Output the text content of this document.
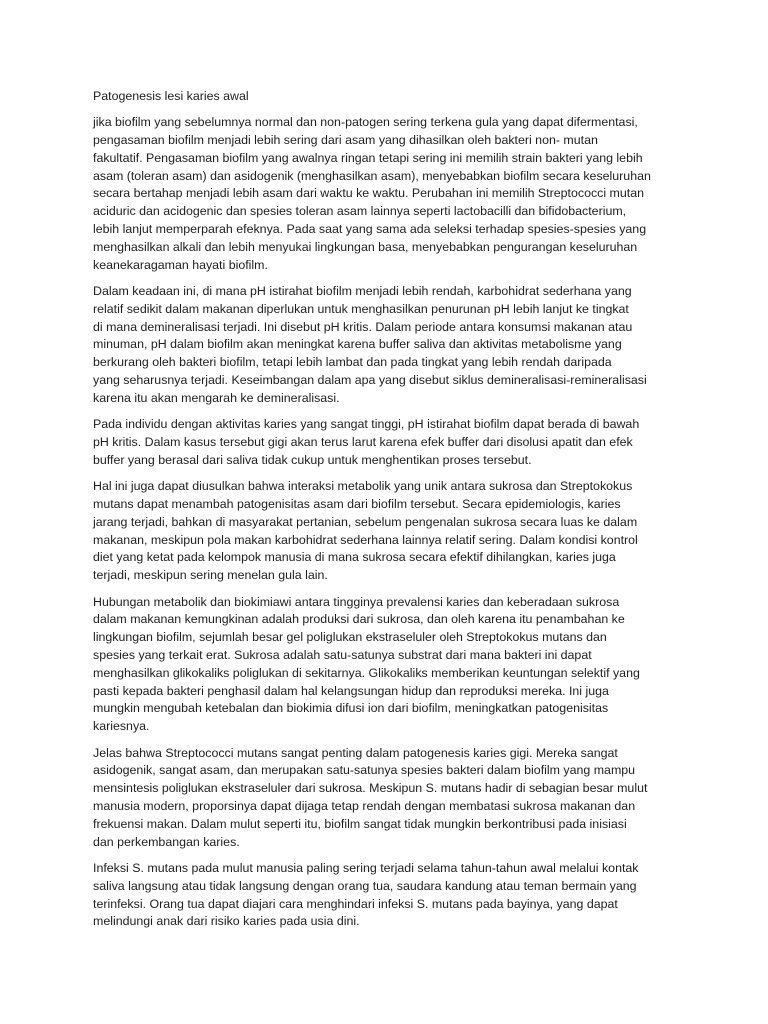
Patogenesis lesi karies awal
jika biofilm yang sebelumnya normal dan non-patogen sering terkena gula yang dapat difermentasi,
pengasaman biofilm menjadi lebih sering dari asam yang dihasilkan oleh bakteri non- mutan
fakultatif. Pengasaman biofilm yang awalnya ringan tetapi sering ini memilih strain bakteri yang lebih
asam (toleran asam) dan asidogenik (menghasilkan asam), menyebabkan biofilm secara keseluruhan
secara bertahap menjadi lebih asam dari waktu ke waktu. Perubahan ini memilih Streptococci mutan
aciduric dan acidogenic dan spesies toleran asam lainnya seperti lactobacilli dan bifidobacterium,
lebih lanjut memperparah efeknya. Pada saat yang sama ada seleksi terhadap spesies-spesies yang
menghasilkan alkali dan lebih menyukai lingkungan basa, menyebabkan pengurangan keseluruhan
keanekaragaman hayati biofilm.
Dalam keadaan ini, di mana pH istirahat biofilm menjadi lebih rendah, karbohidrat sederhana yang
relatif sedikit dalam makanan diperlukan untuk menghasilkan penurunan pH lebih lanjut ke tingkat
di mana demineralisasi terjadi. Ini disebut pH kritis. Dalam periode antara konsumsi makanan atau
minuman, pH dalam biofilm akan meningkat karena buffer saliva dan aktivitas metabolisme yang
berkurang oleh bakteri biofilm, tetapi lebih lambat dan pada tingkat yang lebih rendah daripada
yang seharusnya terjadi. Keseimbangan dalam apa yang disebut siklus demineralisasi-remineralisasi
karena itu akan mengarah ke demineralisasi.
Pada individu dengan aktivitas karies yang sangat tinggi, pH istirahat biofilm dapat berada di bawah
pH kritis. Dalam kasus tersebut gigi akan terus larut karena efek buffer dari disolusi apatit dan efek
buffer yang berasal dari saliva tidak cukup untuk menghentikan proses tersebut.
Hal ini juga dapat diusulkan bahwa interaksi metabolik yang unik antara sukrosa dan Streptokokus
mutans dapat menambah patogenisitas asam dari biofilm tersebut. Secara epidemiologis, karies
jarang terjadi, bahkan di masyarakat pertanian, sebelum pengenalan sukrosa secara luas ke dalam
makanan, meskipun pola makan karbohidrat sederhana lainnya relatif sering. Dalam kondisi kontrol
diet yang ketat pada kelompok manusia di mana sukrosa secara efektif dihilangkan, karies juga
terjadi, meskipun sering menelan gula lain.
Hubungan metabolik dan biokimiawi antara tingginya prevalensi karies dan keberadaan sukrosa
dalam makanan kemungkinan adalah produksi dari sukrosa, dan oleh karena itu penambahan ke
lingkungan biofilm, sejumlah besar gel poliglukan ekstraseluler oleh Streptokokus mutans dan
spesies yang terkait erat. Sukrosa adalah satu-satunya substrat dari mana bakteri ini dapat
menghasilkan glikokaliks poliglukan di sekitarnya. Glikokaliks memberikan keuntungan selektif yang
pasti kepada bakteri penghasil dalam hal kelangsungan hidup dan reproduksi mereka. Ini juga
mungkin mengubah ketebalan dan biokimia difusi ion dari biofilm, meningkatkan patogenisitas
kariesnya.
Jelas bahwa Streptococci mutans sangat penting dalam patogenesis karies gigi. Mereka sangat
asidogenik, sangat asam, dan merupakan satu-satunya spesies bakteri dalam biofilm yang mampu
mensintesis poliglukan ekstraseluler dari sukrosa. Meskipun S. mutans hadir di sebagian besar mulut
manusia modern, proporsinya dapat dijaga tetap rendah dengan membatasi sukrosa makanan dan
frekuensi makan. Dalam mulut seperti itu, biofilm sangat tidak mungkin berkontribusi pada inisiasi
dan perkembangan karies.
Infeksi S. mutans pada mulut manusia paling sering terjadi selama tahun-tahun awal melalui kontak
saliva langsung atau tidak langsung dengan orang tua, saudara kandung atau teman bermain yang
terinfeksi. Orang tua dapat diajari cara menghindari infeksi S. mutans pada bayinya, yang dapat
melindungi anak dari risiko karies pada usia dini.
